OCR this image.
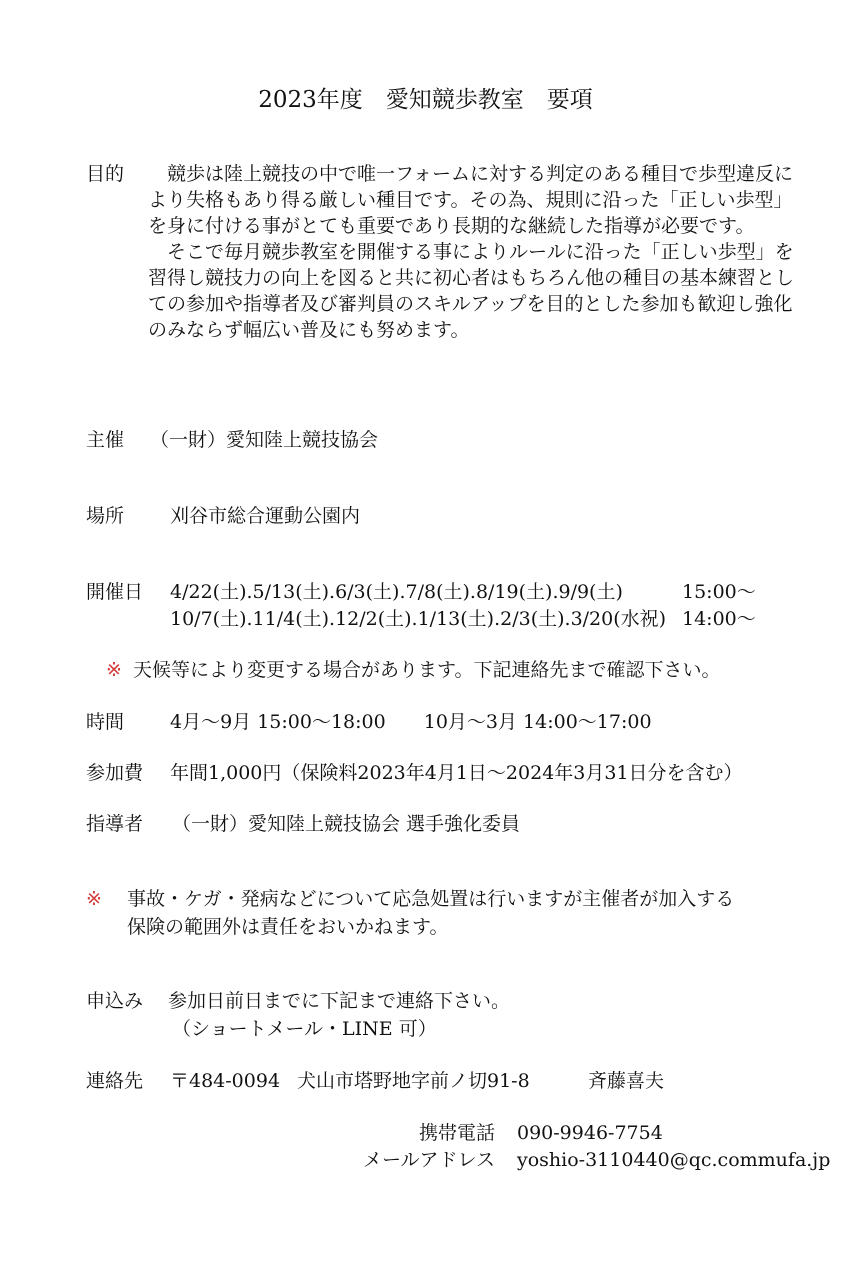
2023年度　愛知競歩教室　要項
目的 　競歩は陸上競技の中で唯一フォームに対する判定のある種目で歩型違反により失格もあり得る厳しい種目です。その為、規則に沿った「正しい歩型」を身に付ける事がとても重要であり長期的な継続した指導が必要です。

　そこで毎月競歩教室を開催する事によりルールに沿った「正しい歩型」を習得し競技力の向上を図ると共に初心者はもちろん他の種目の基本練習としての参加や指導者及び審判員のスキルアップを目的とした参加も歓迎し強化のみならず幅広い普及にも努めます。

主催 （一財）愛知陸上競技協会
場所 刈谷市総合運動公園内
開催日 4/22(土).5/13(土).6/3(土).7/8(土).8/19(土).9/9(土)	15:00〜
10/7(土).11/4(土).12/2(土).1/13(土).2/3(土).3/20(水祝) 14:00〜
※ 天候等により変更する場合があります。下記連絡先まで確認下さい。
時間 4月〜9月 15:00〜18:00　　10月〜3月 14:00〜17:00
参加費 年間1,000円（保険料2023年4月1日〜2024年3月31日分を含む）
指導者 （一財）愛知陸上競技協会 選手強化委員
※ 事故・ケガ・発病などについて応急処置は行いますが主催者が加入する
保険の範囲外は責任をおいかねます。
申込み 参加日前日までに下記まで連絡下さい。
（ショートメール・LINE 可）
連絡先 〒484-0094 犬山市塔野地字前ノ切91-8	斉藤喜夫
携帯電話 090-9946-7754
メールアドレス yoshio-3110440@qc.commufa.jp
